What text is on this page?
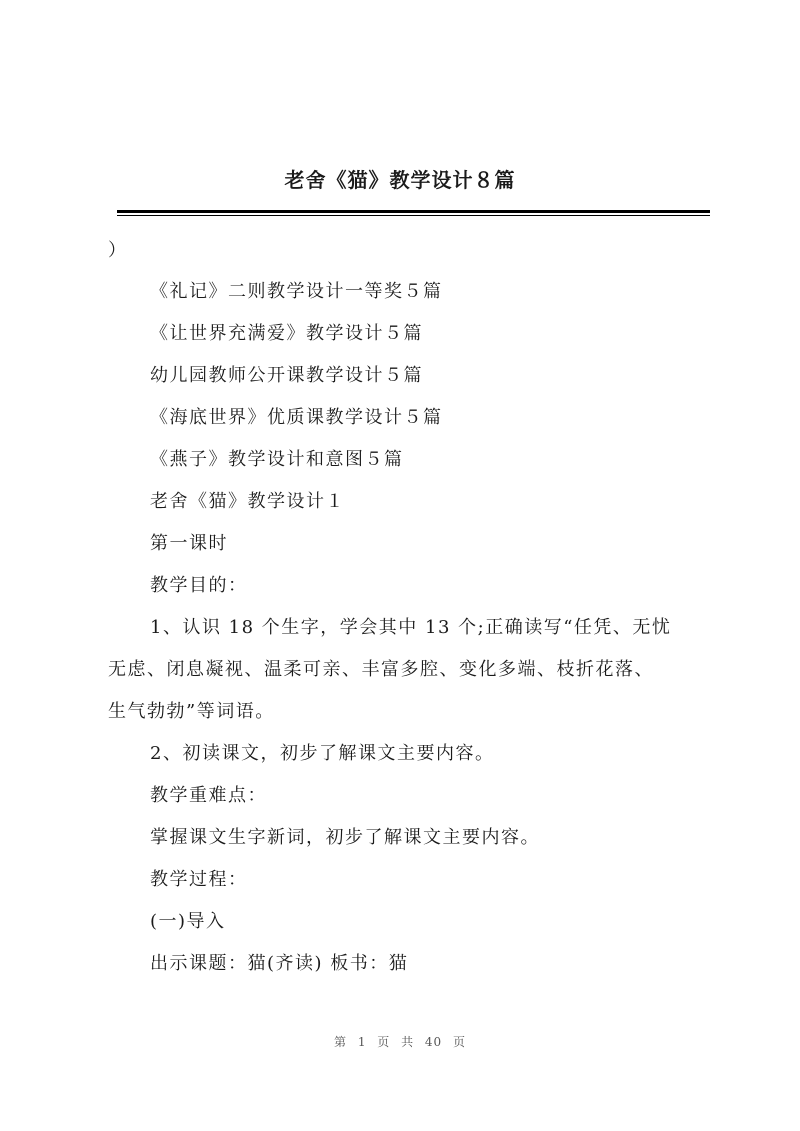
老舍《猫》教学设计８篇
）
《礼记》二则教学设计一等奖５篇
《让世界充满爱》教学设计５篇
幼儿园教师公开课教学设计５篇
《海底世界》优质课教学设计５篇
《燕子》教学设计和意图５篇
老舍《猫》教学设计１
第一课时
教学目的：
1、认识 18 个生字，学会其中 13 个;正确读写“任凭、无忧
无虑、闭息凝视、温柔可亲、丰富多腔、变化多端、枝折花落、
生气勃勃”等词语。
2、初读课文，初步了解课文主要内容。
教学重难点：
掌握课文生字新词，初步了解课文主要内容。
教学过程：
(一)导入
出示课题：猫(齐读) 板书：猫
第 1 页 共 40 页
